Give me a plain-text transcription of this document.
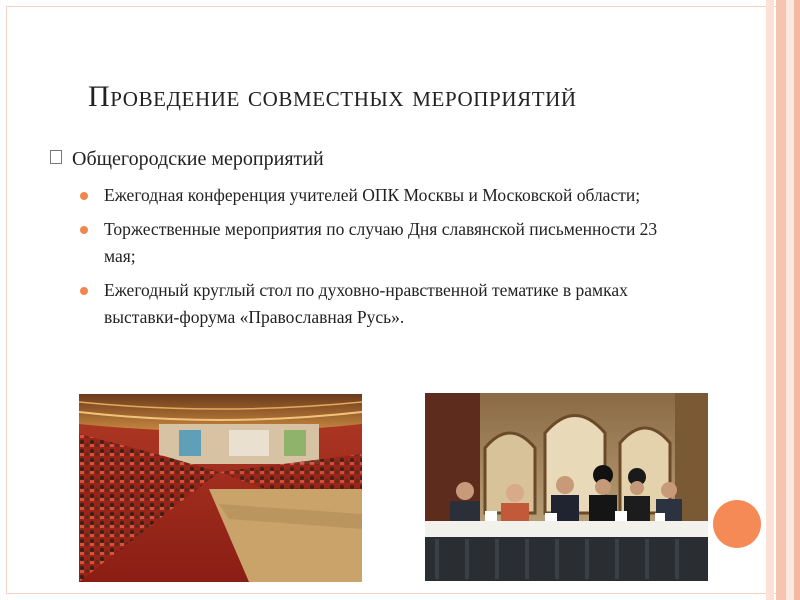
Проведение совместных мероприятий
Общегородские мероприятий
Ежегодная конференция учителей ОПК Москвы и Московской области;
Торжественные мероприятия по случаю Дня славянской письменности 23 мая;
Ежегодный круглый стол по духовно-нравственной тематике в рамках выставки-форума «Православная Русь».
